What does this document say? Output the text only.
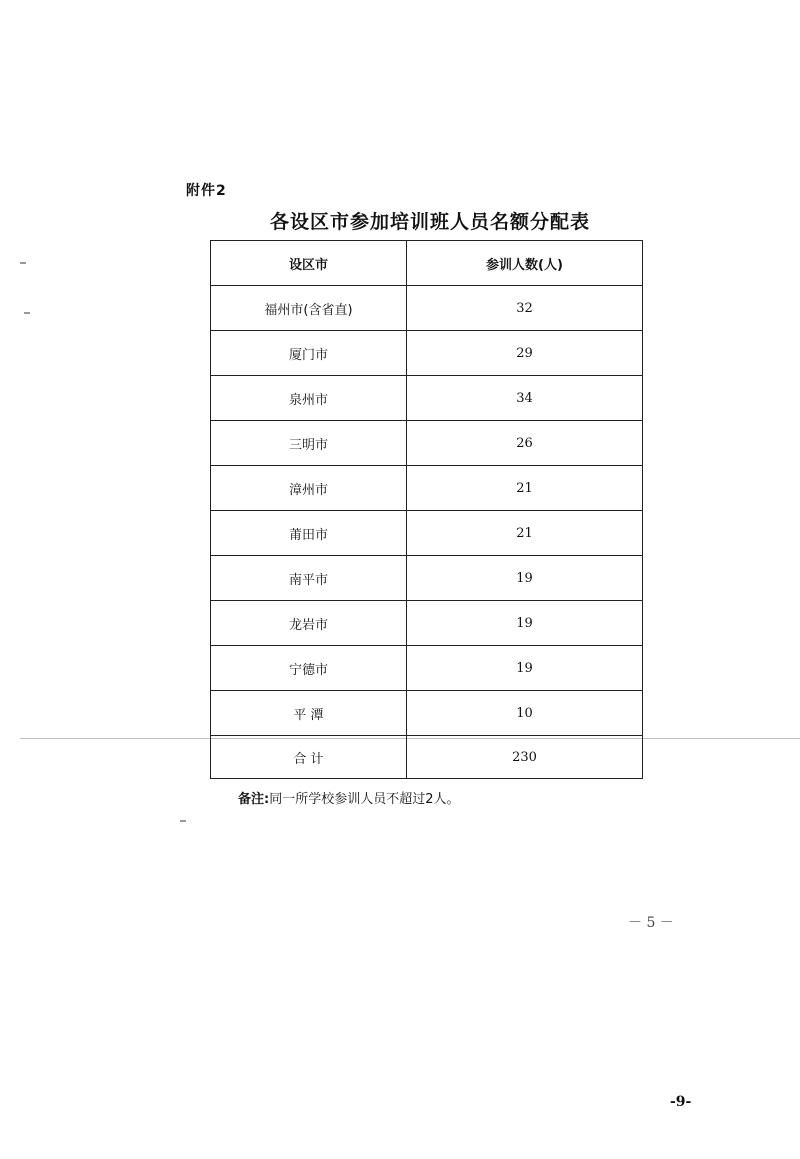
附件2
各设区市参加培训班人员名额分配表
设区市	参训人数(人)
福州市(含省直)	32
厦门市	29
泉州市	34
三明市	26
漳州市	21
莆田市	21
南平市	19
龙岩市	19
宁德市	19
平 潭	10
合 计	230
备注:同一所学校参训人员不超过2人。
－ 5 －
-9-
